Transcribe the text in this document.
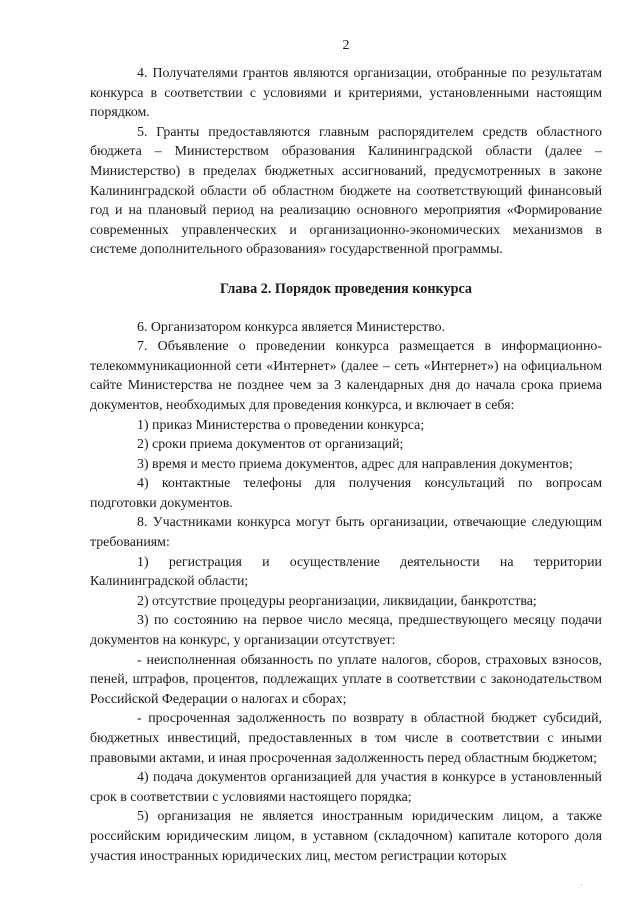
2

4. Получателями грантов являются организации, отобранные по результатам конкурса в соответствии с условиями и критериями, установленными настоящим порядком.

5. Гранты предоставляются главным распорядителем средств областного бюджета – Министерством образования Калининградской области (далее – Министерство) в пределах бюджетных ассигнований, предусмотренных в законе Калининградской области об областном бюджете на соответствующий финансовый год и на плановый период на реализацию основного мероприятия «Формирование современных управленческих и организационно-экономических механизмов в системе дополнительного образования» государственной программы.

Глава 2. Порядок проведения конкурса

6. Организатором конкурса является Министерство.

7. Объявление о проведении конкурса размещается в информационно-телекоммуникационной сети «Интернет» (далее – сеть «Интернет») на официальном сайте Министерства не позднее чем за 3 календарных дня до начала срока приема документов, необходимых для проведения конкурса, и включает в себя:

1) приказ Министерства о проведении конкурса;

2) сроки приема документов от организаций;

3) время и место приема документов, адрес для направления документов;

4) контактные телефоны для получения консультаций по вопросам подготовки документов.

8. Участниками конкурса могут быть организации, отвечающие следующим требованиям:

1) регистрация и осуществление деятельности на территории Калининградской области;

2) отсутствие процедуры реорганизации, ликвидации, банкротства;

3) по состоянию на первое число месяца, предшествующего месяцу подачи документов на конкурс, у организации отсутствует:

- неисполненная обязанность по уплате налогов, сборов, страховых взносов, пеней, штрафов, процентов, подлежащих уплате в соответствии с законодательством Российской Федерации о налогах и сборах;

- просроченная задолженность по возврату в областной бюджет субсидий, бюджетных инвестиций, предоставленных в том числе в соответствии с иными правовыми актами, и иная просроченная задолженность перед областным бюджетом;

4) подача документов организацией для участия в конкурсе в установленный срок в соответствии с условиями настоящего порядка;

5) организация не является иностранным юридическим лицом, а также российским юридическим лицом, в уставном (складочном) капитале которого доля участия иностранных юридических лиц, местом регистрации которых

·
